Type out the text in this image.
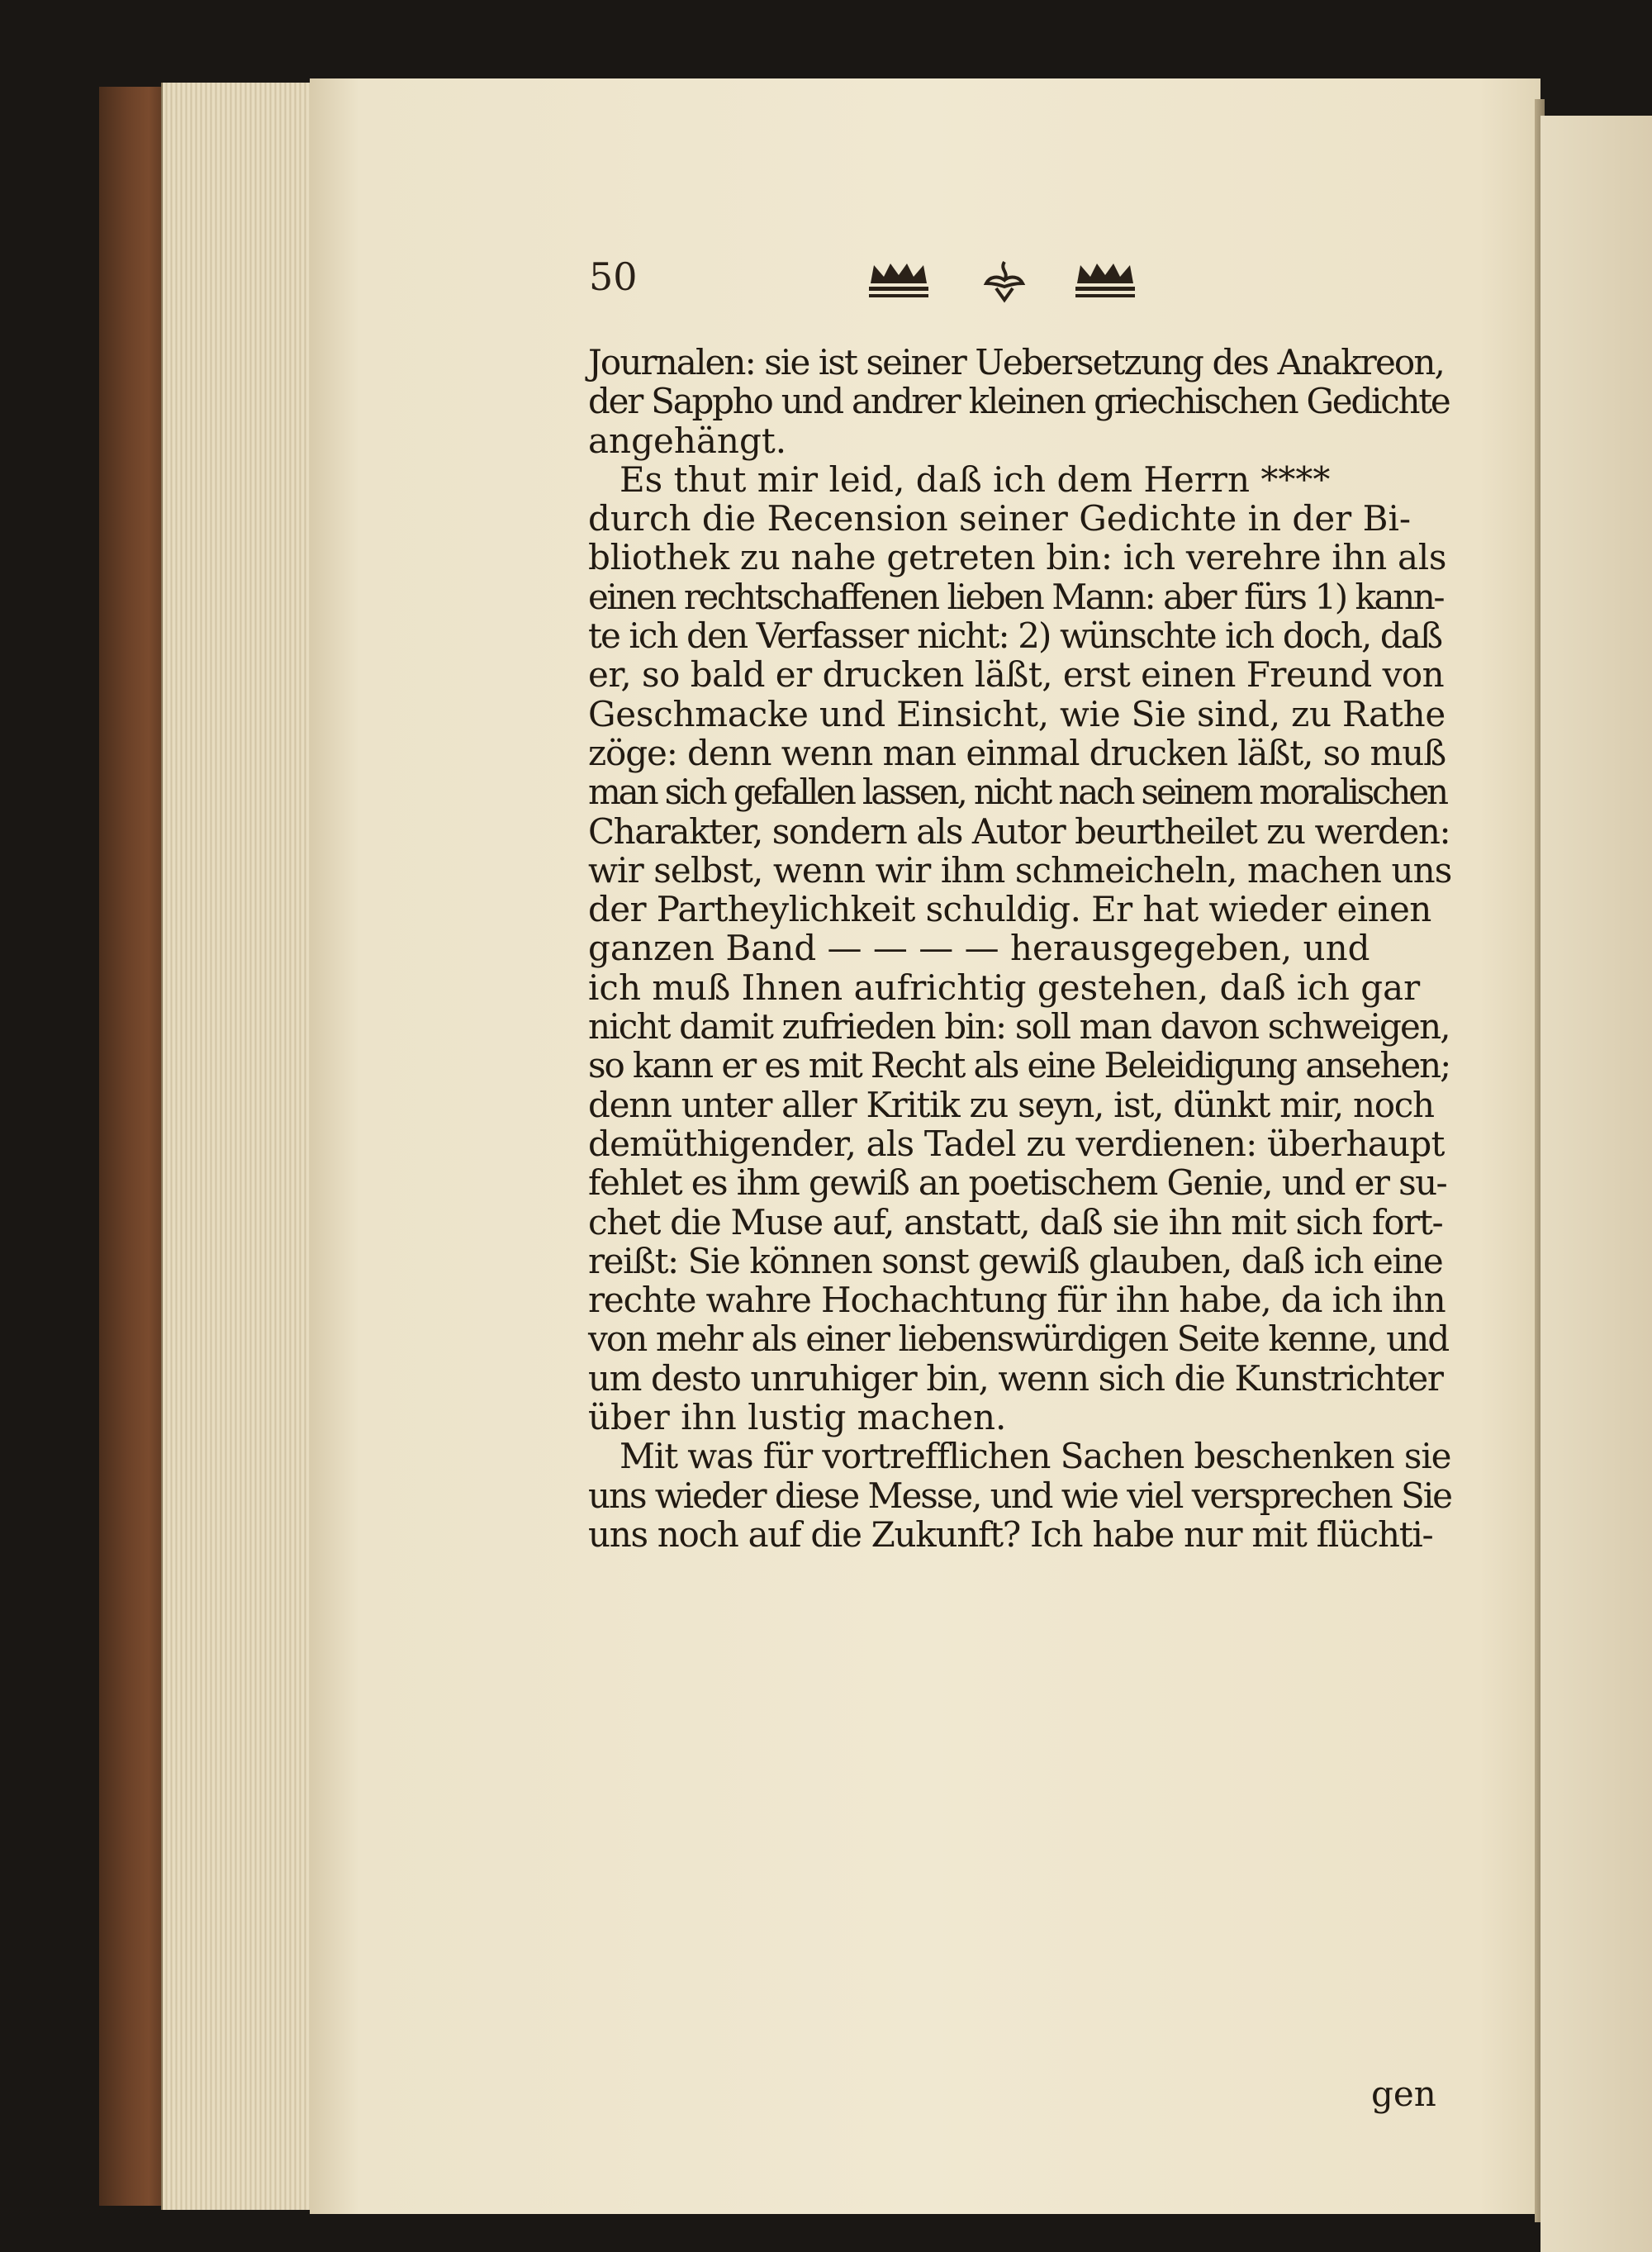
50
Journalen: sie ist seiner Uebersetzung des Anakreon,
der Sappho und andrer kleinen griechischen Gedichte
angehängt.
Es thut mir leid, daß ich dem Herrn ****
durch die Recension seiner Gedichte in der Bi-
bliothek zu nahe getreten bin: ich verehre ihn als
einen rechtschaffenen lieben Mann: aber fürs 1) kann-
te ich den Verfasser nicht: 2) wünschte ich doch, daß
er, so bald er drucken läßt, erst einen Freund von
Geschmacke und Einsicht, wie Sie sind, zu Rathe
zöge: denn wenn man einmal drucken läßt, so muß
man sich gefallen lassen, nicht nach seinem moralischen
Charakter, sondern als Autor beurtheilet zu werden:
wir selbst, wenn wir ihm schmeicheln, machen uns
der Partheylichkeit schuldig. Er hat wieder einen
ganzen Band — — — — herausgegeben, und
ich muß Ihnen aufrichtig gestehen, daß ich gar
nicht damit zufrieden bin: soll man davon schweigen,
so kann er es mit Recht als eine Beleidigung ansehen;
denn unter aller Kritik zu seyn, ist, dünkt mir, noch
demüthigender, als Tadel zu verdienen: überhaupt
fehlet es ihm gewiß an poetischem Genie, und er su-
chet die Muse auf, anstatt, daß sie ihn mit sich fort-
reißt: Sie können sonst gewiß glauben, daß ich eine
rechte wahre Hochachtung für ihn habe, da ich ihn
von mehr als einer liebenswürdigen Seite kenne, und
um desto unruhiger bin, wenn sich die Kunstrichter
über ihn lustig machen.
Mit was für vortrefflichen Sachen beschenken sie
uns wieder diese Messe, und wie viel versprechen Sie
uns noch auf die Zukunft? Ich habe nur mit flüchti-
gen
